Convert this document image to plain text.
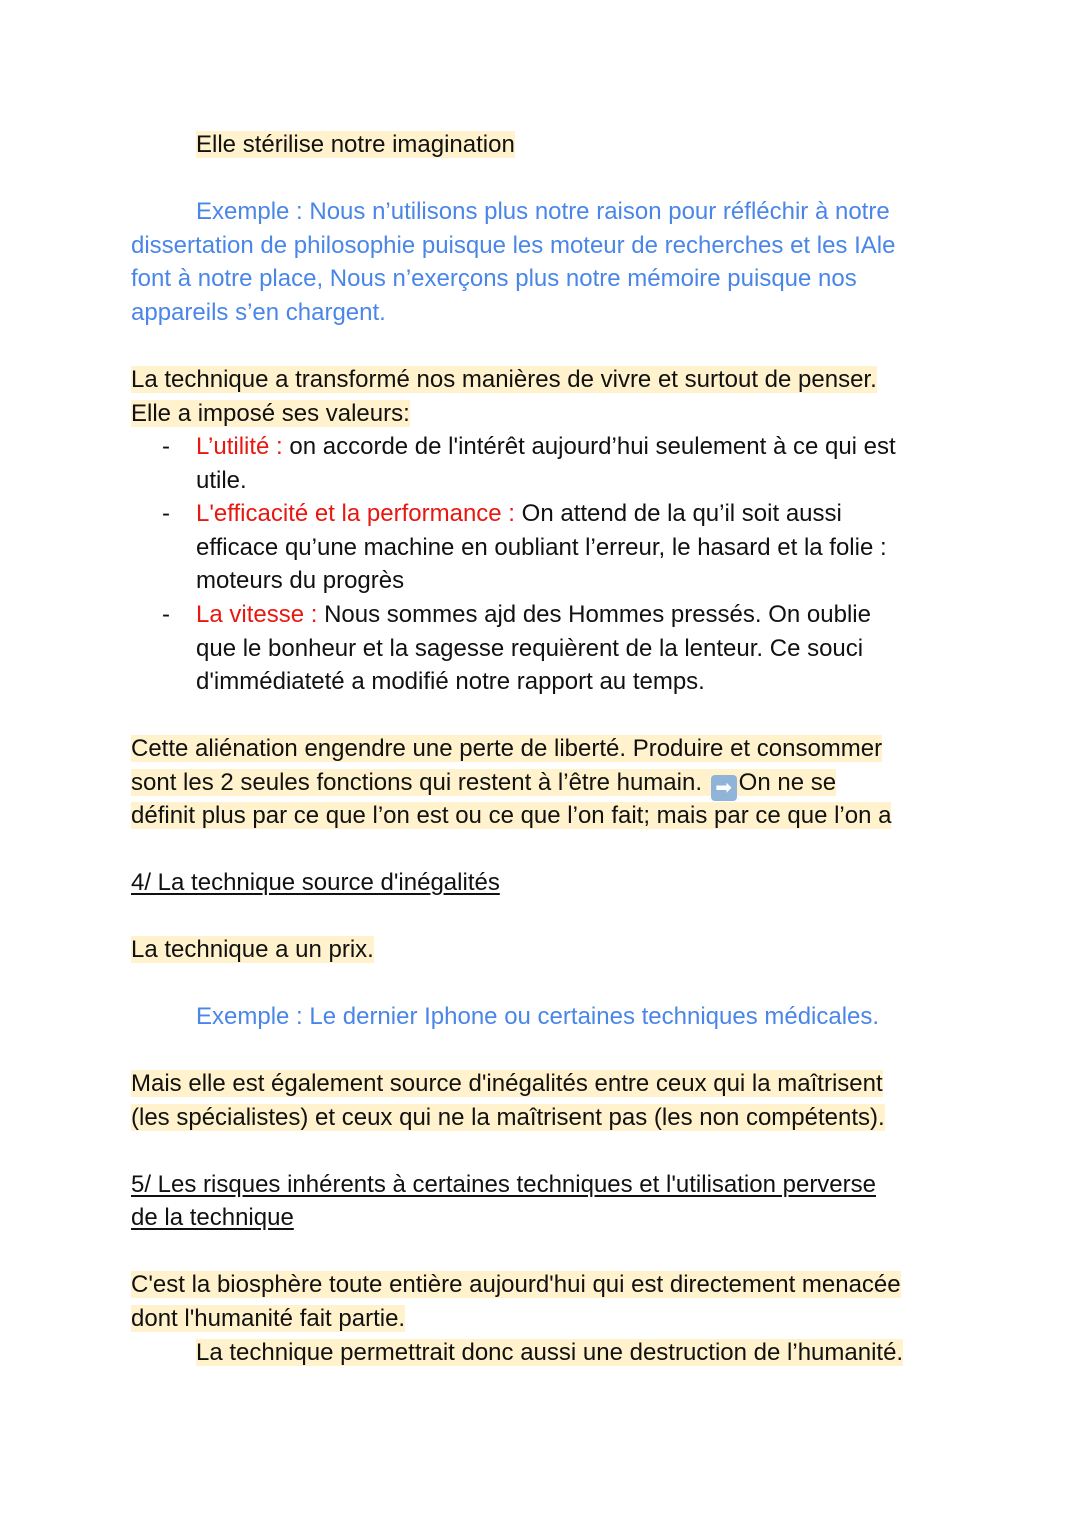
Elle stérilise notre imagination
Exemple : Nous n’utilisons plus notre raison pour réfléchir à notre
dissertation de philosophie puisque les moteur de recherches et les IAle
font à notre place, Nous n’exerçons plus notre mémoire puisque nos
appareils s’en chargent.
La technique a transformé nos manières de vivre et surtout de penser.
Elle a imposé ses valeurs:
- L’utilité : on accorde de l'intérêt aujourd’hui seulement à ce qui est
utile.
- L'efficacité et la performance : On attend de la qu’il soit aussi
efficace qu’une machine en oubliant l’erreur, le hasard et la folie :
moteurs du progrès
- La vitesse : Nous sommes ajd des Hommes pressés. On oublie
que le bonheur et la sagesse requièrent de la lenteur. Ce souci
d'immédiateté a modifié notre rapport au temps.
Cette aliénation engendre une perte de liberté. Produire et consommer
sont les 2 seules fonctions qui restent à l’être humain. ➡ On ne se
définit plus par ce que l’on est ou ce que l’on fait; mais par ce que l’on a
4/ La technique source d'inégalités
La technique a un prix.
Exemple : Le dernier Iphone ou certaines techniques médicales.
Mais elle est également source d'inégalités entre ceux qui la maîtrisent
(les spécialistes) et ceux qui ne la maîtrisent pas (les non compétents).
5/ Les risques inhérents à certaines techniques et l'utilisation perverse
de la technique
C'est la biosphère toute entière aujourd'hui qui est directement menacée
dont l'humanité fait partie.
La technique permettrait donc aussi une destruction de l’humanité.
